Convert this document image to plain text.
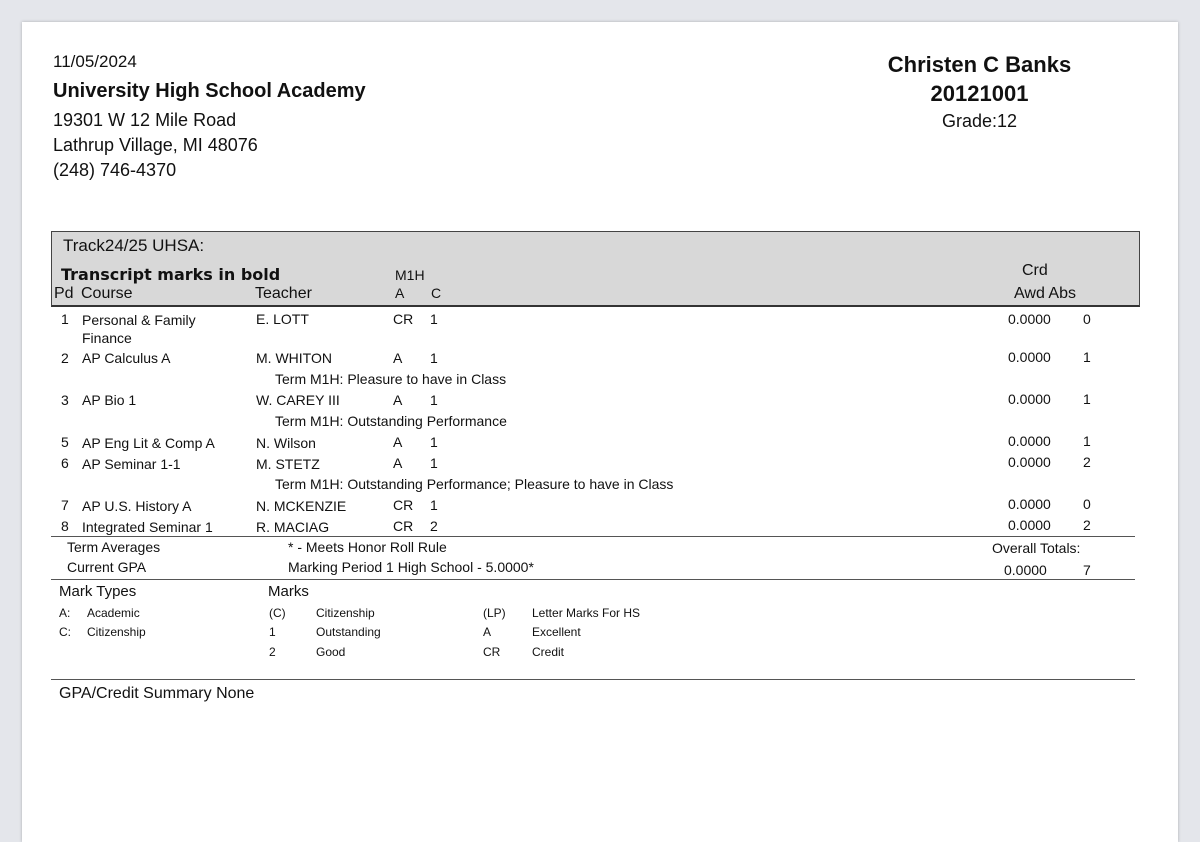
11/05/2024
University High School Academy
19301 W 12 Mile Road
Lathrup Village, MI 48076
(248) 746-4370
Christen C Banks
20121001
Grade:12
Track24/25 UHSA:
Transcript marks in bold	M1H	Crd
Pd Course	Teacher	A C	Awd Abs
1 Personal & Family
Finance
E. LOTT	CR 1	0.0000 0
2 AP Calculus A	M. WHITON	A 1	0.0000 1
Term M1H: Pleasure to have in Class
3 AP Bio 1	W. CAREY III	A 1	0.0000 1
Term M1H: Outstanding Performance
5 AP Eng Lit & Comp A	N. Wilson	A 1	0.0000 1
6 AP Seminar 1-1	M. STETZ	A 1	0.0000 2
Term M1H: Outstanding Performance; Pleasure to have in Class
7 AP U.S. History A	N. MCKENZIE	CR 1	0.0000 0
8 Integrated Seminar 1	R. MACIAG	CR 2	0.0000 2
Term Averages	* - Meets Honor Roll Rule	Overall Totals:
Current GPA	Marking Period 1 High School - 5.0000*	0.0000	7
Mark Types	Marks
A: Academic
C: Citizenship
(C)	Citizenship
1	Outstanding
2	Good
(LP) Letter Marks For HS
A	Excellent
CR	Credit
GPA/Credit Summary None
